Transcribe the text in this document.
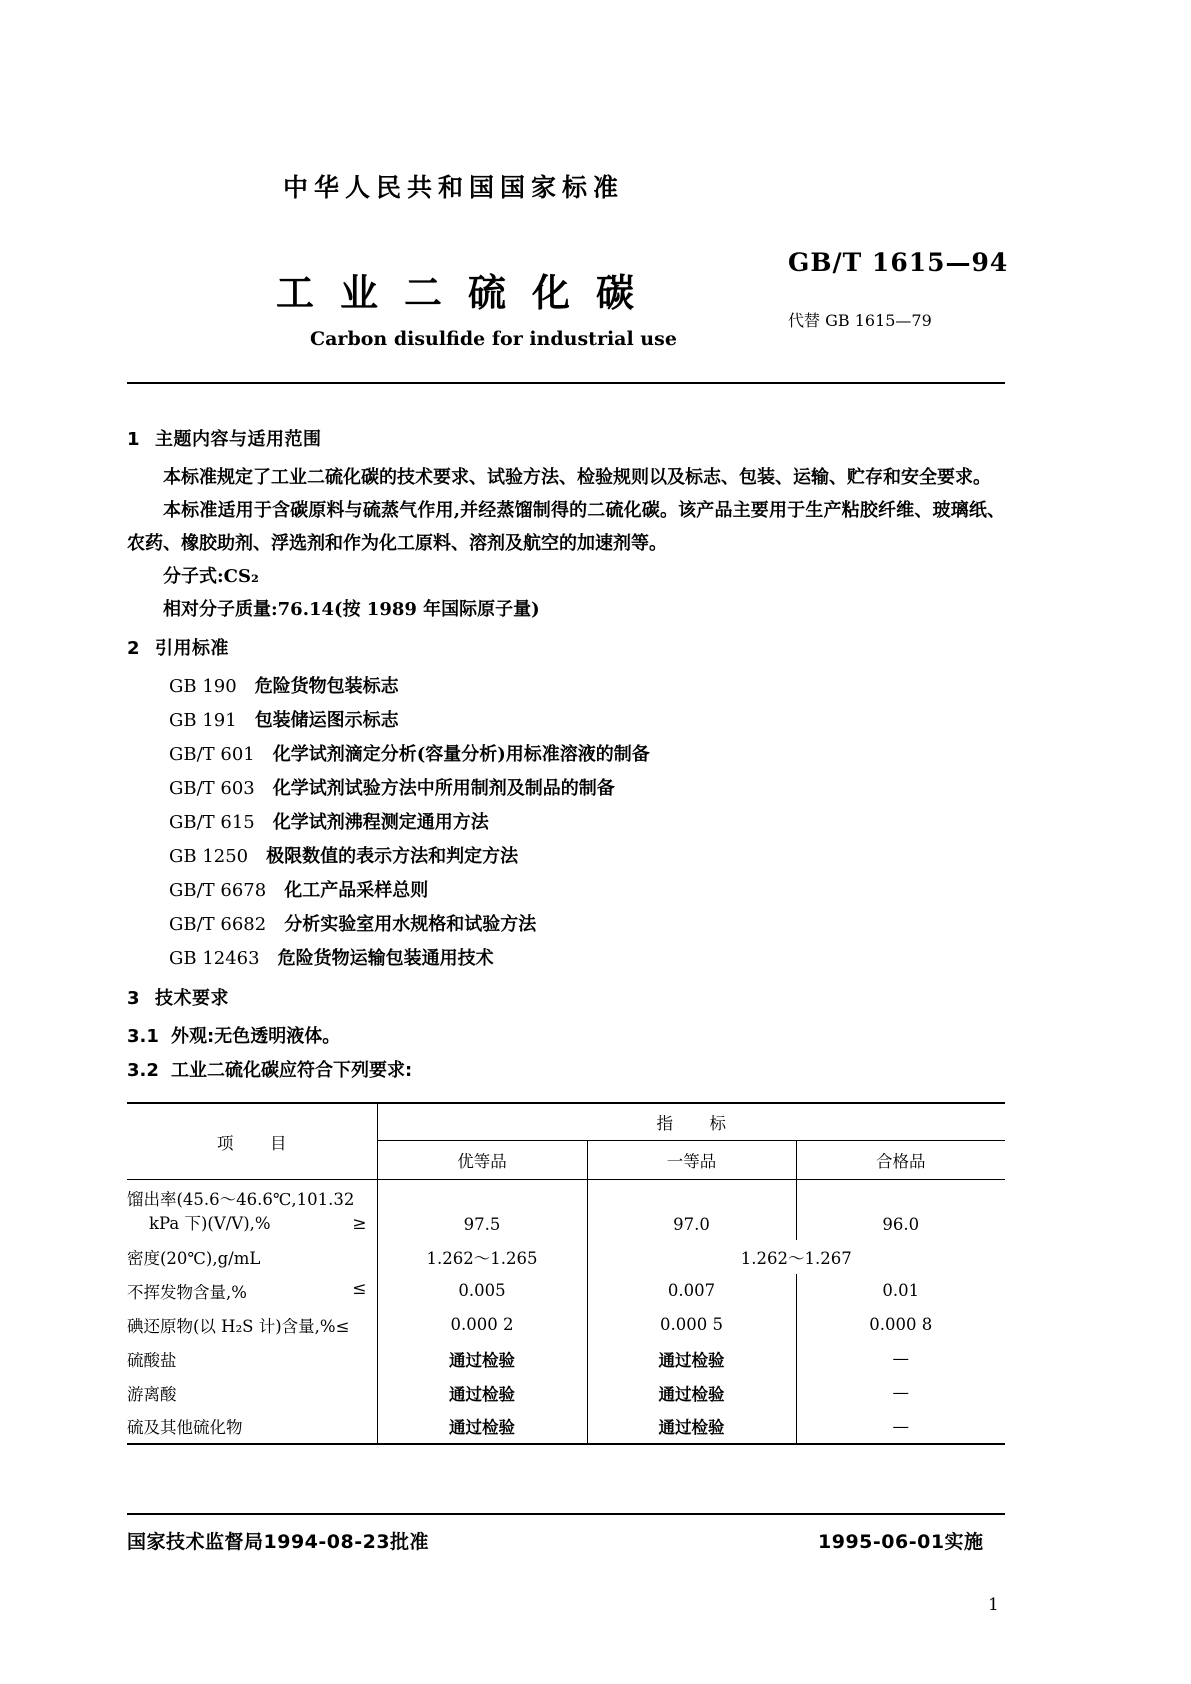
中华人民共和国国家标准
工业二硫化碳
Carbon disulfide for industrial use
GB/T 1615—94
代替 GB 1615—79
1 主题内容与适用范围

本标准规定了工业二硫化碳的技术要求、试验方法、检验规则以及标志、包装、运输、贮存和安全要求。

本标准适用于含碳原料与硫蒸气作用,并经蒸馏制得的二硫化碳。该产品主要用于生产粘胶纤维、玻璃纸、农药、橡胶助剂、浮选剂和作为化工原料、溶剂及航空的加速剂等。

分子式:CS₂
相对分子质量:76.14(按 1989 年国际原子量)
2 引用标准
GB 190 危险货物包装标志
GB 191 包装储运图示标志
GB/T 601 化学试剂滴定分析(容量分析)用标准溶液的制备
GB/T 603 化学试剂试验方法中所用制剂及制品的制备
GB/T 615 化学试剂沸程测定通用方法
GB 1250 极限数值的表示方法和判定方法
GB/T 6678 化工产品采样总则
GB/T 6682 分析实验室用水规格和试验方法
GB 12463 危险货物运输包装通用技术
3 技术要求
3.1 外观:无色透明液体。
3.2 工业二硫化碳应符合下列要求:
项　目	指　标		
	优等品	一等品	合格品
馏出率(45.6～46.6℃,101.32
kPa 下)(V/V),% ≥	97.5	97.0	96.0
密度(20℃),g/mL	1.262～1.265	1.262～1.267	
不挥发物含量,% ≤	0.005	0.007	0.01
碘还原物(以 H₂S 计)含量,%≤	0.000 2	0.000 5	0.000 8
硫酸盐	通过检验	通过检验	—
游离酸	通过检验	通过检验	—
硫及其他硫化物	通过检验	通过检验	—
国家技术监督局1994-08-23批准	1995-06-01实施
1
